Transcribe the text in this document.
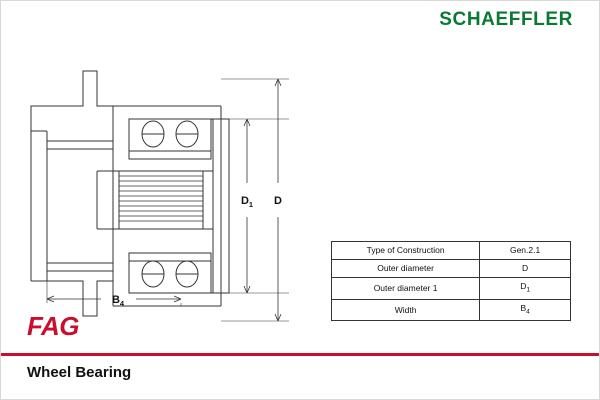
SCHAEFFLER
$D_1$ D
$B_4$
Type of Construction	Gen.2.1
Outer diameter	D
Outer diameter 1	$D_1$
Width	$B_4$
FAG
Wheel Bearing
